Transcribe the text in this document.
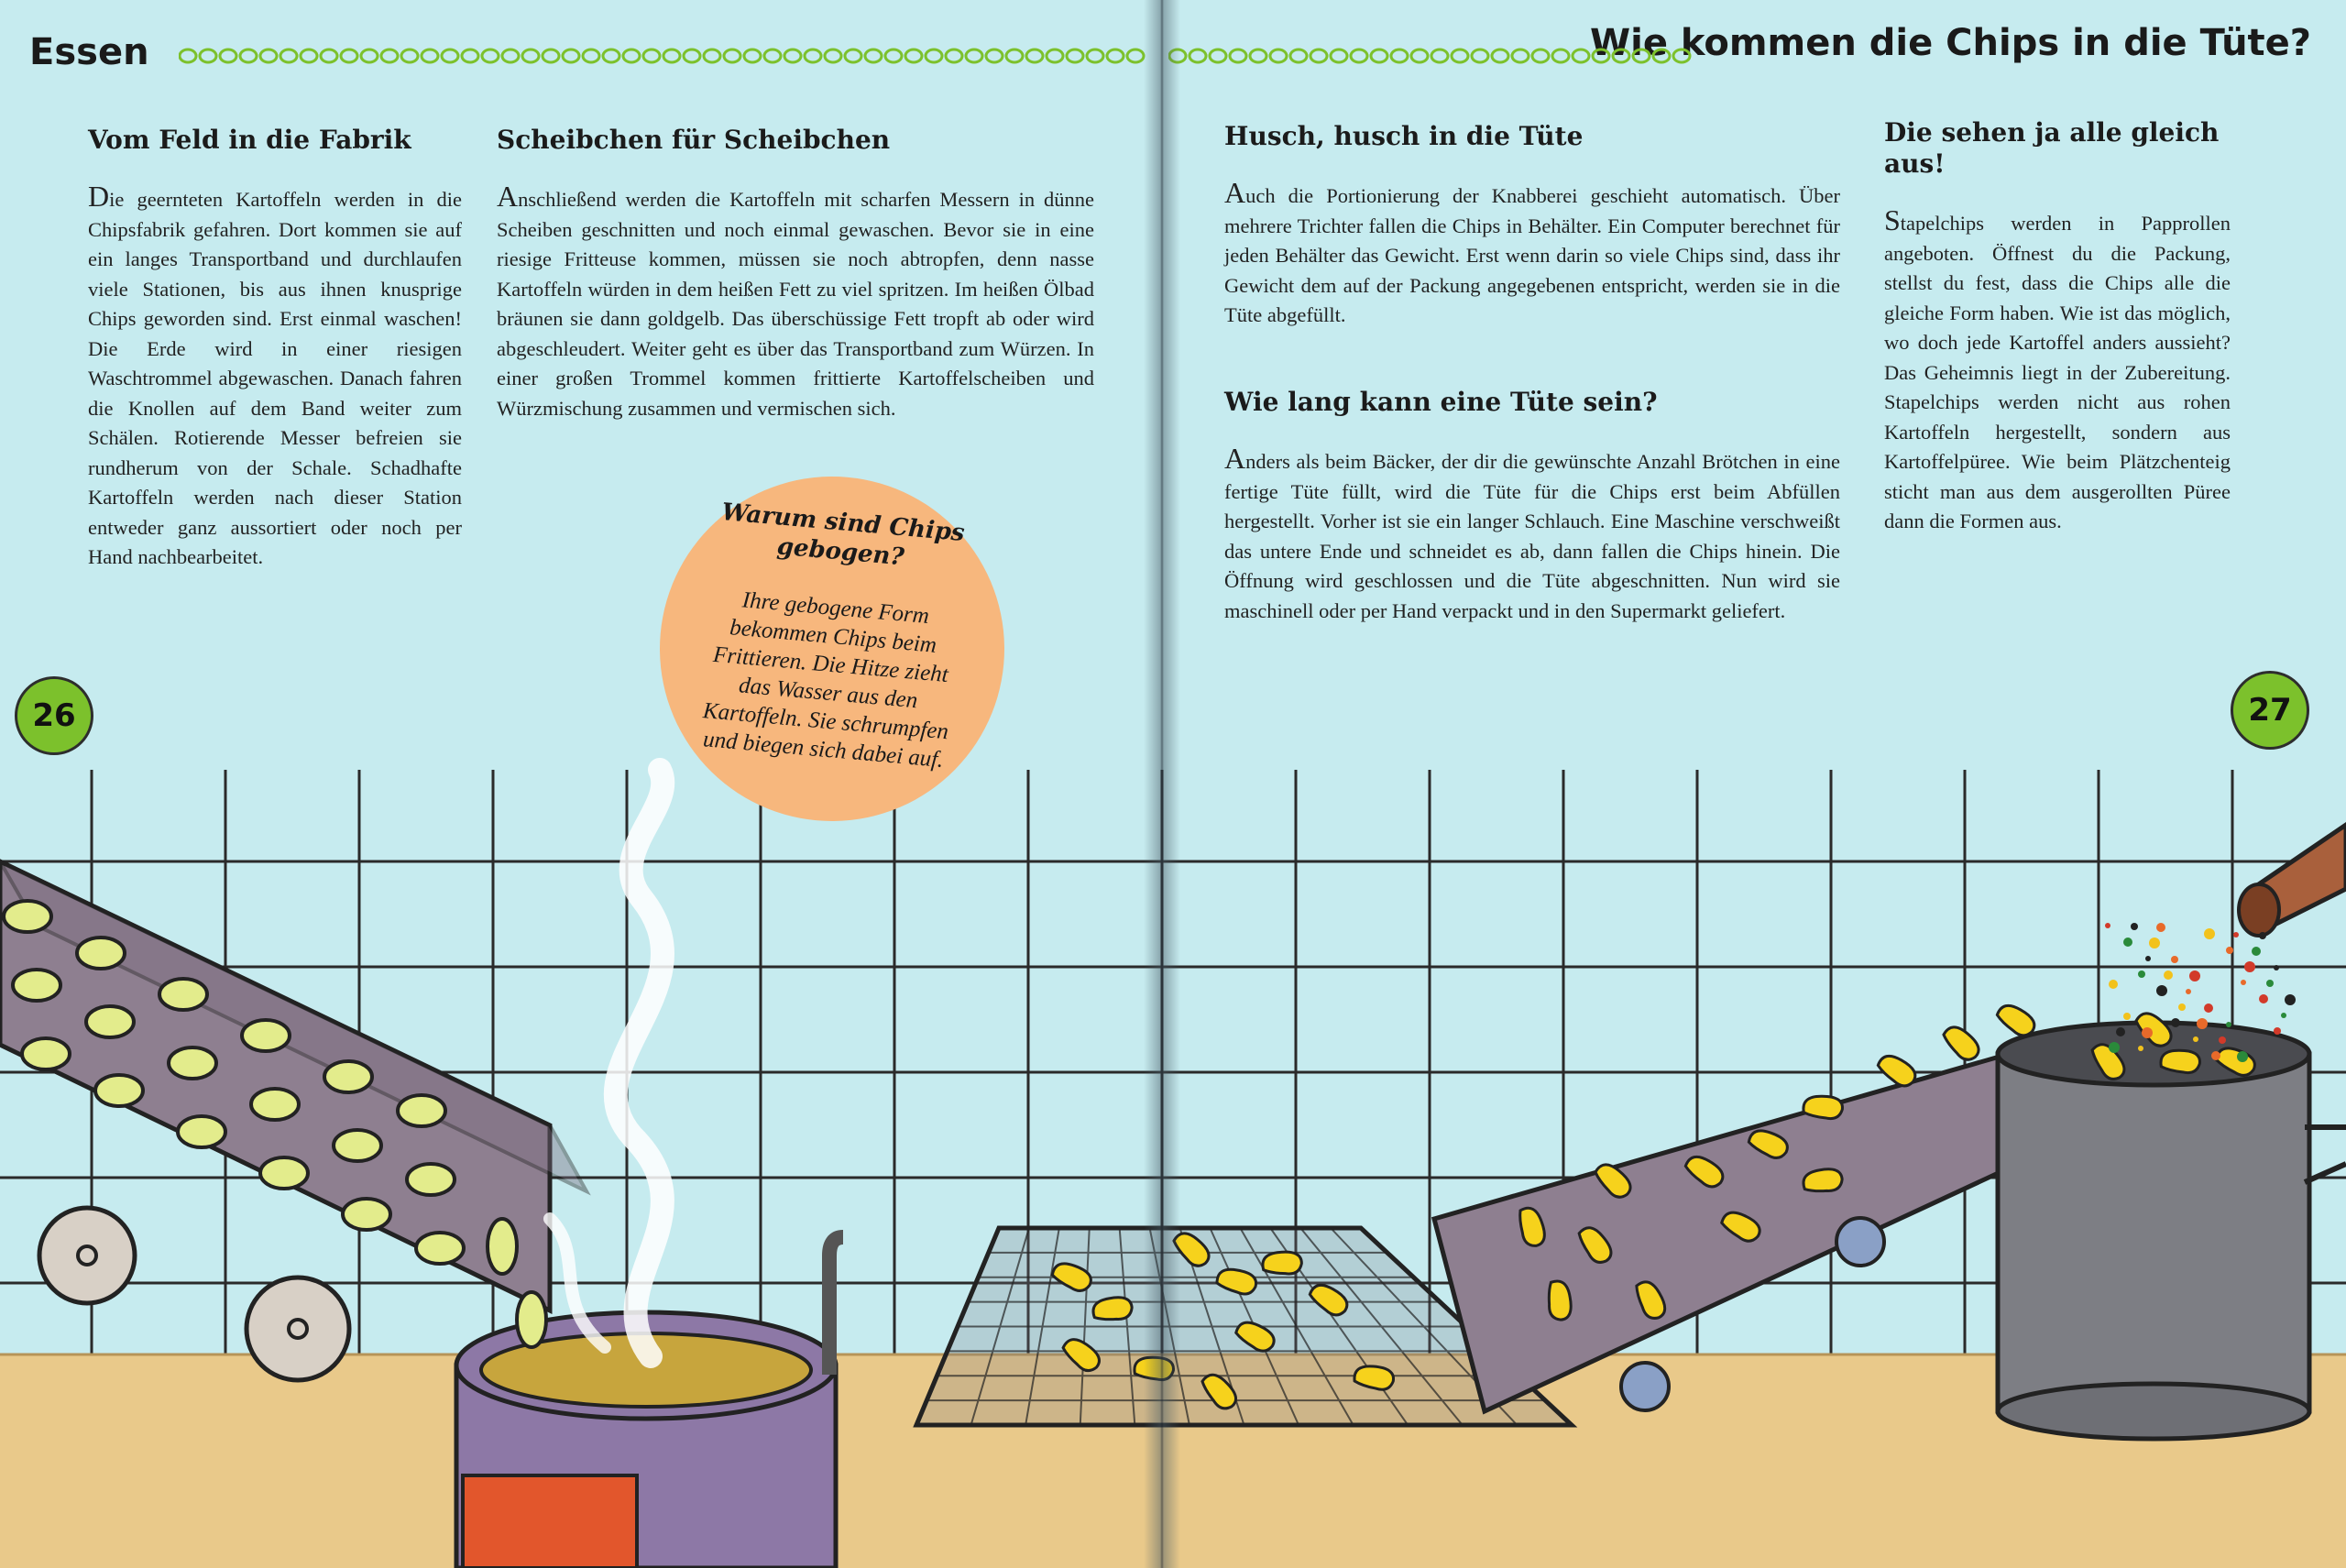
Essen	Wie kommen die Chips in die Tüte?
Vom Feld in die Fabrik

Die geernteten Kartoffeln werden in die Chipsfabrik gefahren. Dort kommen sie auf ein langes Transportband und durchlaufen viele Stationen, bis aus ihnen knusprige Chips geworden sind. Erst einmal waschen! Die Erde wird in einer riesigen Waschtrommel abgewaschen. Danach fahren die Knollen auf dem Band weiter zum Schälen. Rotierende Messer befreien sie rundherum von der Schale. Schadhafte Kartoffeln werden nach dieser Station entweder ganz aussortiert oder noch per Hand nachbearbeitet.

Scheibchen für Scheibchen

Anschließend werden die Kartoffeln mit scharfen Messern in dünne Scheiben geschnitten und noch einmal gewaschen. Bevor sie in eine riesige Fritteuse kommen, müssen sie noch abtropfen, denn nasse Kartoffeln würden in dem heißen Fett zu viel spritzen. Im heißen Ölbad bräunen sie dann goldgelb. Das überschüssige Fett tropft ab oder wird abgeschleudert. Weiter geht es über das Transportband zum Würzen. In einer großen Trommel kommen frittierte Kartoffelscheiben und Würzmischung zusammen und vermischen sich.

Husch, husch in die Tüte

Auch die Portionierung der Knabberei geschieht automatisch. Über mehrere Trichter fallen die Chips in Behälter. Ein Computer berechnet für jeden Behälter das Gewicht. Erst wenn darin so viele Chips sind, dass ihr Gewicht dem auf der Packung angegebenen entspricht, werden sie in die Tüte abgefüllt.

Wie lang kann eine Tüte sein?

Anders als beim Bäcker, der dir die gewünschte Anzahl Brötchen in eine fertige Tüte füllt, wird die Tüte für die Chips erst beim Abfüllen hergestellt. Vorher ist sie ein langer Schlauch. Eine Maschine verschweißt das untere Ende und schneidet es ab, dann fallen die Chips hinein. Die Öffnung wird geschlossen und die Tüte abgeschnitten. Nun wird sie maschinell oder per Hand verpackt und in den Supermarkt geliefert.

Die sehen ja alle gleich aus!

Stapelchips werden in Papprollen angeboten. Öffnest du die Packung, stellst du fest, dass die Chips alle die gleiche Form haben. Wie ist das möglich, wo doch jede Kartoffel anders aussieht? Das Geheimnis liegt in der Zubereitung. Stapelchips werden nicht aus rohen Kartoffeln hergestellt, sondern aus Kartoffelpüree. Wie beim Plätzchenteig sticht man aus dem ausgerollten Püree dann die Formen aus.

26	27
Warum sind Chips gebogen?
Ihre gebogene Form bekommen Chips beim Frittieren. Die Hitze zieht das Wasser aus den Kartoffeln. Sie schrumpfen und biegen sich dabei auf.
